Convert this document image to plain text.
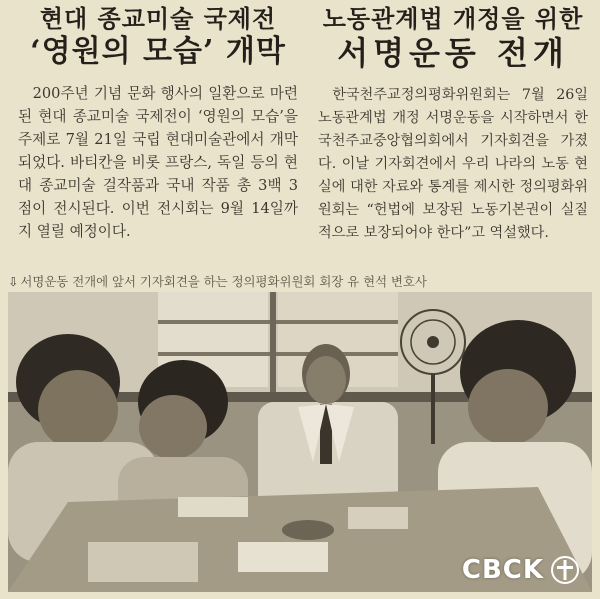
현대 종교미술 국제전
‘영원의 모습’ 개막

200주년 기념 문화 행사의 일환으로 마련된 현대 종교미술 국제전이 ‘영원의 모습’을 주제로 7월 21일 국립 현대미술관에서 개막되었다. 바티칸을 비롯 프랑스, 독일 등의 현대 종교미술 걸작품과 국내 작품 총 3백 3 점이 전시된다. 이번 전시회는 9월 14일까지 열릴 예정이다.

노동관계법 개정을 위한
서명운동 전개

한국천주교정의평화위원회는 7월 26일 노동관계법 개정 서명운동을 시작하면서 한국천주교중앙협의회에서 기자회견을 가졌다. 이날 기자회견에서 우리 나라의 노동 현실에 대한 자료와 통계를 제시한 정의평화위원회는 “헌법에 보장된 노동기본권이 실질적으로 보장되어야 한다”고 역설했다.

⇩ 서명운동 전개에 앞서 기자회견을 하는 정의평화위원회 회장 유 현석 변호사
CBCK
